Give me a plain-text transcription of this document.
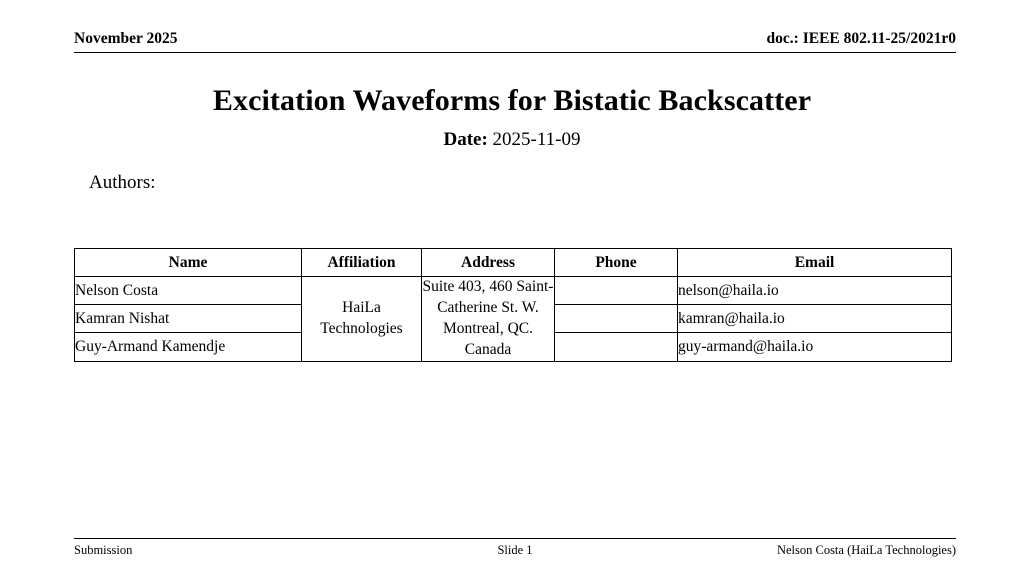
November 2025	doc.: IEEE 802.11-25/2021r0
Excitation Waveforms for Bistatic Backscatter
Date: 2025-11-09
Authors:
Name	Affiliation	Address	Phone	Email
Nelson Costa	HaiLa Technologies	Suite 403, 460 Saint-Catherine St. W. Montreal, QC. Canada		nelson@haila.io
Kamran Nishat				kamran@haila.io
Guy-Armand Kamendje				guy-armand@haila.io
Submission	Slide 1	Nelson Costa (HaiLa Technologies)
